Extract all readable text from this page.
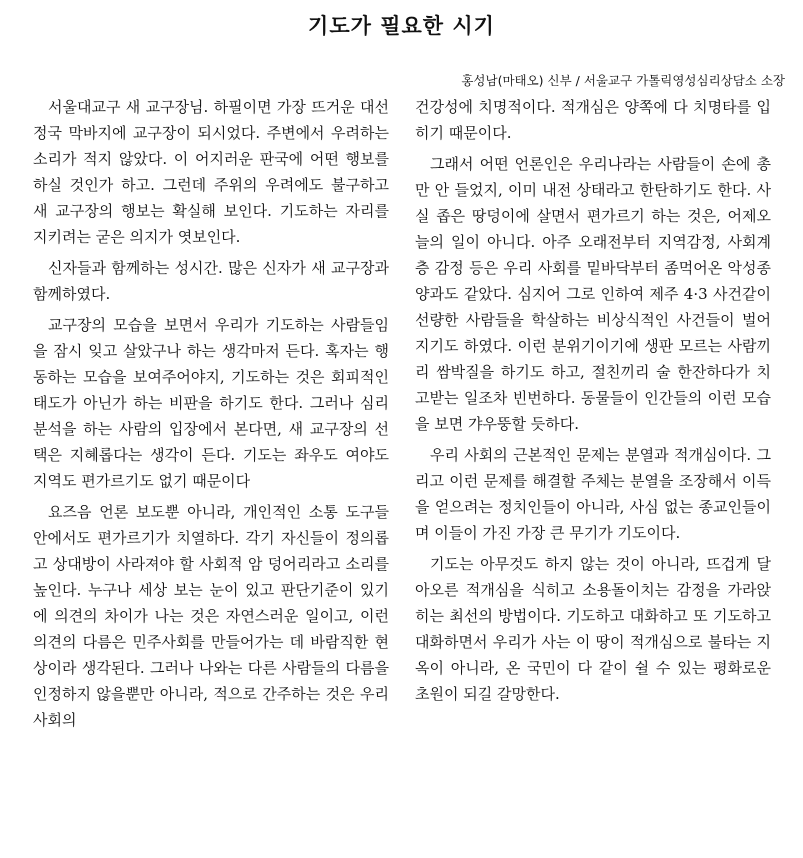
기도가 필요한 시기
홍성남(마태오) 신부 / 서울교구 가톨릭영성심리상담소 소장

서울대교구 새 교구장님. 하필이면 가장 뜨거운 대선정국 막바지에 교구장이 되시었다. 주변에서 우려하는 소리가 적지 않았다. 이 어지러운 판국에 어떤 행보를 하실 것인가 하고. 그런데 주위의 우려에도 불구하고 새 교구장의 행보는 확실해 보인다. 기도하는 자리를 지키려는 굳은 의지가 엿보인다.

신자들과 함께하는 성시간. 많은 신자가 새 교구장과 함께하였다.

교구장의 모습을 보면서 우리가 기도하는 사람들임을 잠시 잊고 살았구나 하는 생각마저 든다. 혹자는 행동하는 모습을 보여주어야지, 기도하는 것은 회피적인 태도가 아닌가 하는 비판을 하기도 한다. 그러나 심리분석을 하는 사람의 입장에서 본다면, 새 교구장의 선택은 지혜롭다는 생각이 든다. 기도는 좌우도 여야도 지역도 편가르기도 없기 때문이다

요즈음 언론 보도뿐 아니라, 개인적인 소통 도구들 안에서도 편가르기가 치열하다. 각기 자신들이 정의롭고 상대방이 사라져야 할 사회적 암 덩어리라고 소리를 높인다. 누구나 세상 보는 눈이 있고 판단기준이 있기에 의견의 차이가 나는 것은 자연스러운 일이고, 이런 의견의 다름은 민주사회를 만들어가는 데 바람직한 현상이라 생각된다. 그러나 나와는 다른 사람들의 다름을 인정하지 않을뿐만 아니라, 적으로 간주하는 것은 우리 사회의

건강성에 치명적이다. 적개심은 양쪽에 다 치명타를 입히기 때문이다.

그래서 어떤 언론인은 우리나라는 사람들이 손에 총만 안 들었지, 이미 내전 상태라고 한탄하기도 한다. 사실 좁은 땅덩이에 살면서 편가르기 하는 것은, 어제오늘의 일이 아니다. 아주 오래전부터 지역감정, 사회계층 감정 등은 우리 사회를 밑바닥부터 좀먹어온 악성종양과도 같았다. 심지어 그로 인하여 제주 4·3 사건같이 선량한 사람들을 학살하는 비상식적인 사건들이 벌어지기도 하였다. 이런 분위기이기에 생판 모르는 사람끼리 쌈박질을 하기도 하고, 절친끼리 술 한잔하다가 치고받는 일조차 빈번하다. 동물들이 인간들의 이런 모습을 보면 갸우뚱할 듯하다.

우리 사회의 근본적인 문제는 분열과 적개심이다. 그리고 이런 문제를 해결할 주체는 분열을 조장해서 이득을 얻으려는 정치인들이 아니라, 사심 없는 종교인들이며 이들이 가진 가장 큰 무기가 기도이다.

기도는 아무것도 하지 않는 것이 아니라, 뜨겁게 달아오른 적개심을 식히고 소용돌이치는 감정을 가라앉히는 최선의 방법이다. 기도하고 대화하고 또 기도하고 대화하면서 우리가 사는 이 땅이 적개심으로 불타는 지옥이 아니라, 온 국민이 다 같이 쉴 수 있는 평화로운 초원이 되길 갈망한다.
